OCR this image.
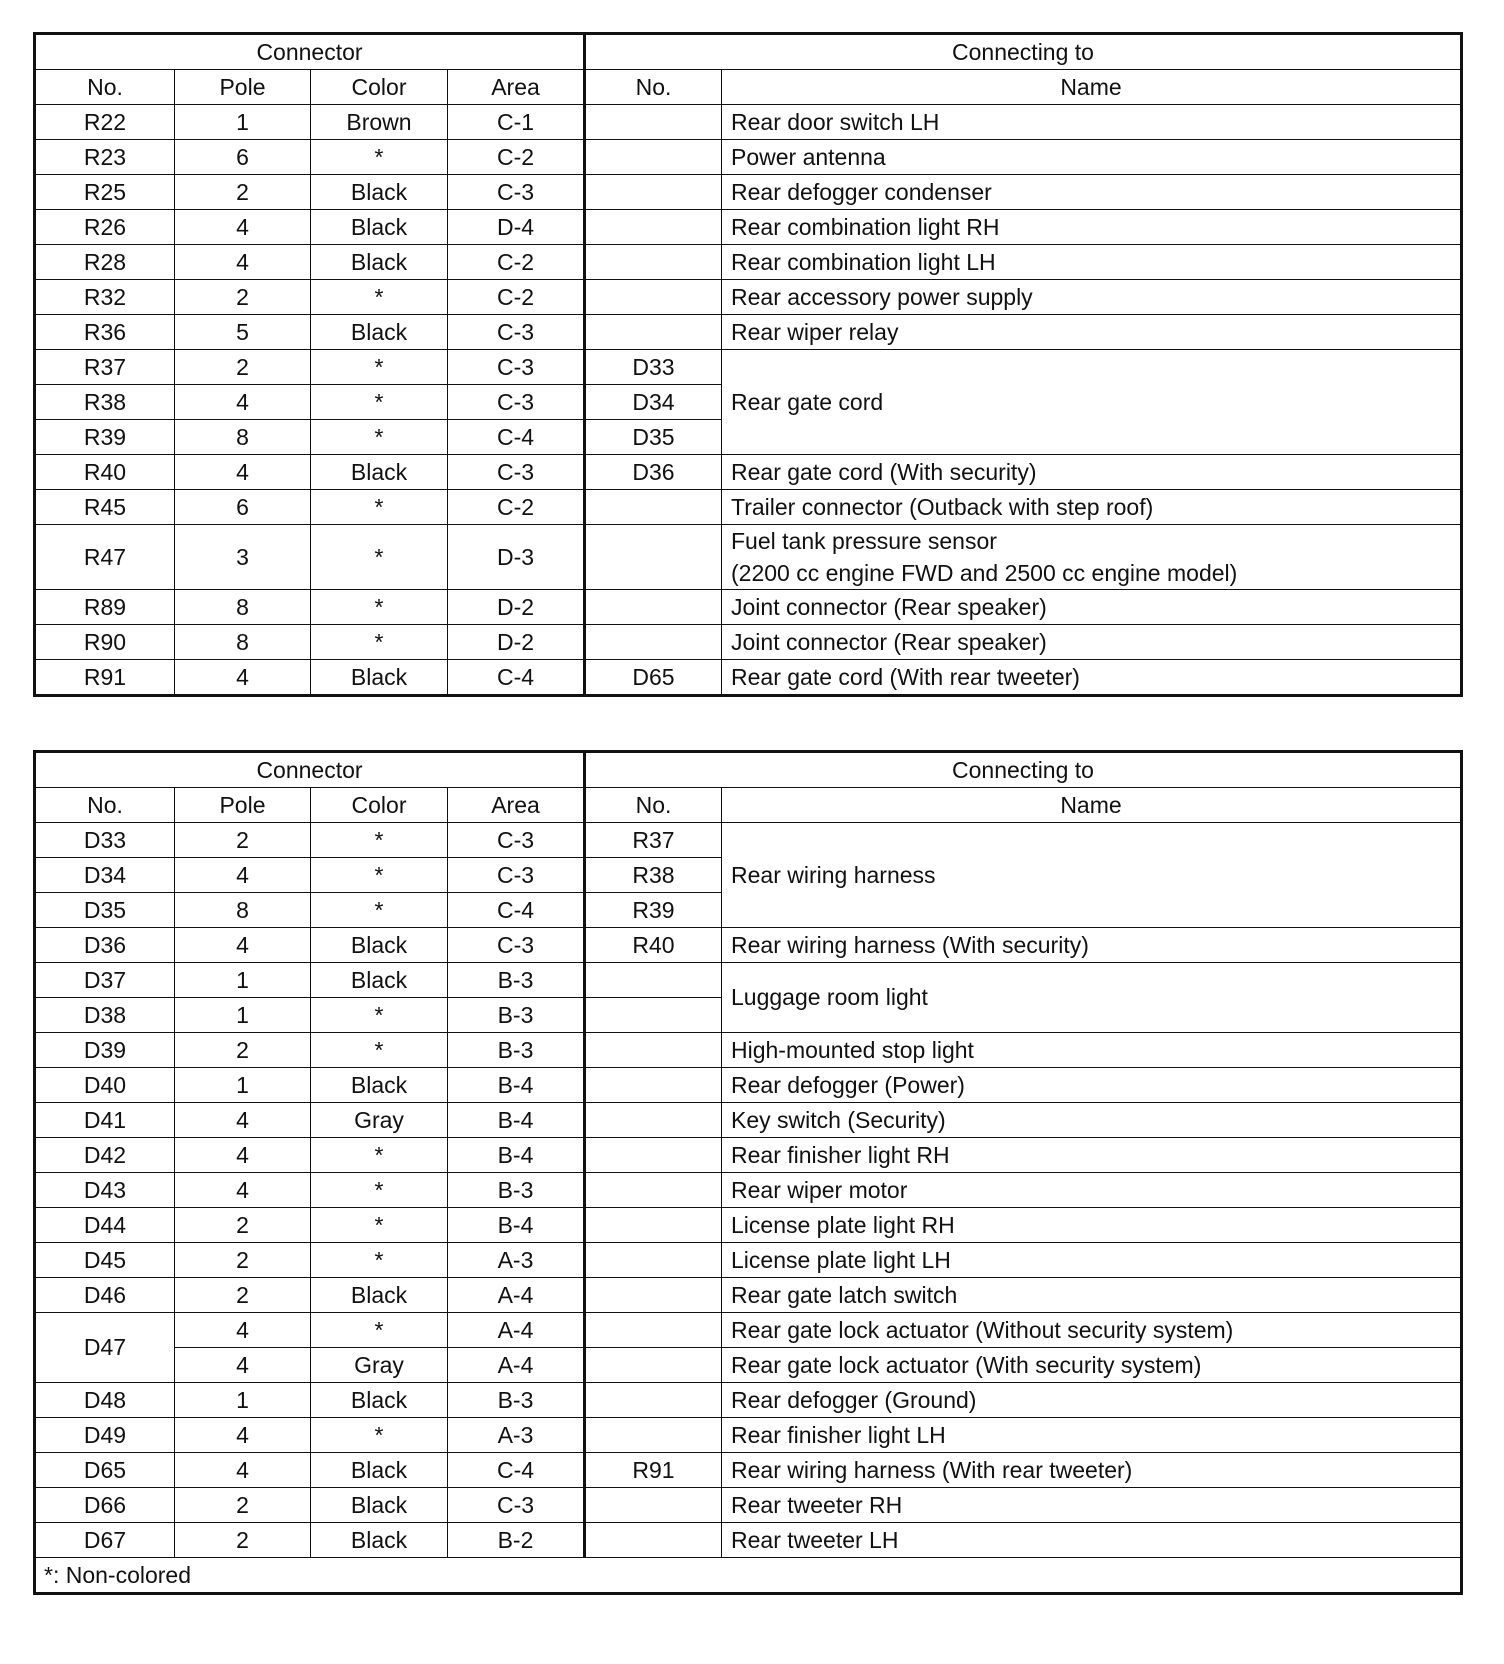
Connector				Connecting to	
No.	Pole	Color	Area	No.	Name
R22	1	Brown	C-1		Rear door switch LH
R23	6	*	C-2		Power antenna
R25	2	Black	C-3		Rear defogger condenser
R26	4	Black	D-4		Rear combination light RH
R28	4	Black	C-2		Rear combination light LH
R32	2	*	C-2		Rear accessory power supply
R36	5	Black	C-3		Rear wiper relay
R37	2	*	C-3	D33	Rear gate cord
R38	4	*	C-3	D34	
R39	8	*	C-4	D35	
R40	4	Black	C-3	D36	Rear gate cord (With security)
R45	6	*	C-2		Trailer connector (Outback with step roof)
R47	3	*	D-3		Fuel tank pressure sensor
(2200 cc engine FWD and 2500 cc engine model)

R89	8	*	D-2		Joint connector (Rear speaker)
R90	8	*	D-2		Joint connector (Rear speaker)
R91	4	Black	C-4	D65	Rear gate cord (With rear tweeter)
Connector				Connecting to	
No.	Pole	Color	Area	No.	Name
D33	2	*	C-3	R37	Rear wiring harness
D34	4	*	C-3	R38	
D35	8	*	C-4	R39	
D36	4	Black	C-3	R40	Rear wiring harness (With security)
D37	1	Black	B-3		Luggage room light
D38	1	*	B-3		
D39	2	*	B-3		High-mounted stop light
D40	1	Black	B-4		Rear defogger (Power)
D41	4	Gray	B-4		Key switch (Security)
D42	4	*	B-4		Rear finisher light RH
D43	4	*	B-3		Rear wiper motor
D44	2	*	B-4		License plate light RH
D45	2	*	A-3		License plate light LH
D46	2	Black	A-4		Rear gate latch switch
D47	4	*	A-4		Rear gate lock actuator (Without security system)
	4	Gray	A-4		Rear gate lock actuator (With security system)
D48	1	Black	B-3		Rear defogger (Ground)
D49	4	*	A-3		Rear finisher light LH
D65	4	Black	C-4	R91	Rear wiring harness (With rear tweeter)
D66	2	Black	C-3		Rear tweeter RH
D67	2	Black	B-2		Rear tweeter LH
*: Non-colored					
